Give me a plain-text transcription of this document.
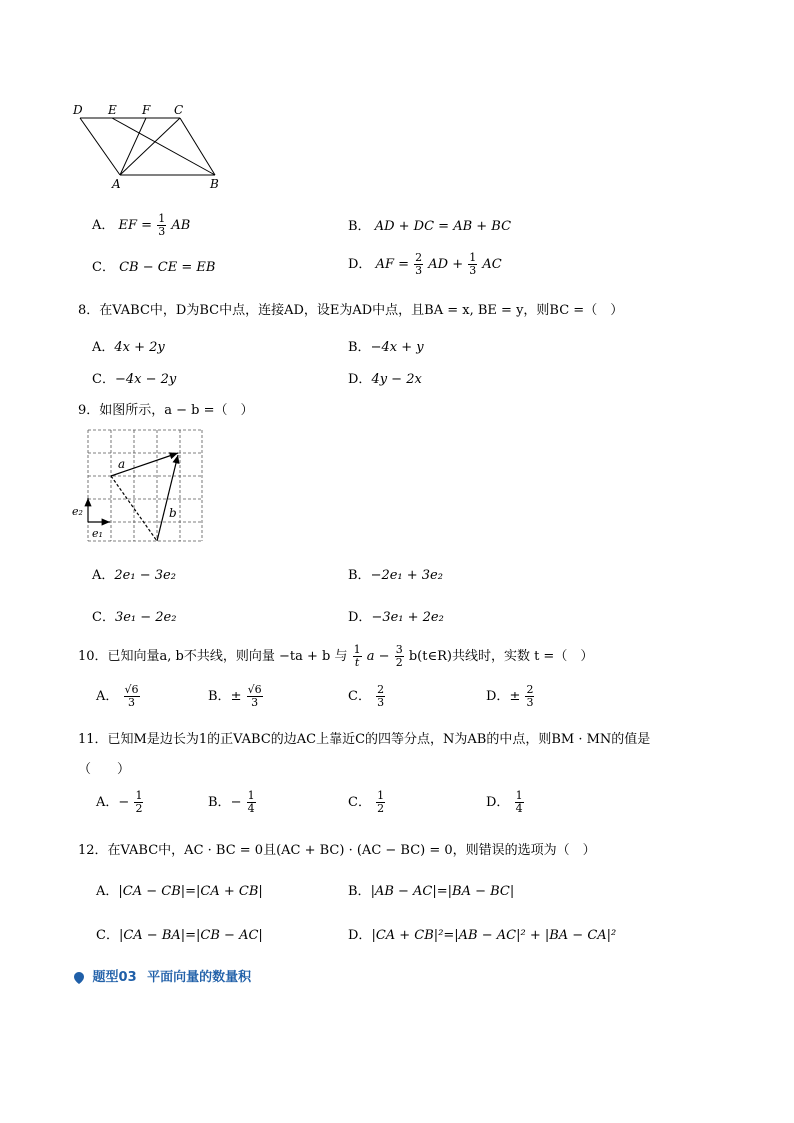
D E F C
A	B
A． EF = $\frac{1}{3}$ AB	B． AD + DC = AB + BC
C． CB − CE = EB	D． AF = $\frac{2}{3}$ AD + $\frac{1}{3}$ AC
8．在VABC中，D为BC中点，连接AD，设E为AD中点，且BA = x, BE = y，则BC =（　）
A．4x + 2y	B．−4x + y
C．−4x − 2y	D．4y − 2x
9．如图所示，a − b =（　）
a
b
e₂
e₁
A．2e₁ − 3e₂	B．−2e₁ + 3e₂
C．3e₁ − 2e₂	D．−3e₁ + 2e₂
10．已知向量a, b不共线，则向量 −ta + b 与 $\frac{1}{t}$ $a - \frac{3}{2}$ b(t∈R)共线时，实数 t =（　）
A． $\frac{√6}{3}$	B．± $\frac{√6}{3}$	C． $\frac{2}{3}$	D．± $\frac{2}{3}$
11．已知M是边长为1的正VABC的边AC上靠近C的四等分点，N为AB的中点，则BM · MN的值是
（　　）
A．− $\frac{1}{2}$	B．− $\frac{1}{4}$	C． $\frac{1}{2}$	D． $\frac{1}{4}$
12．在VABC中，AC · BC = 0且(AC + BC) · (AC − BC) = 0，则错误的选项为（　）
A．|CA − CB|=|CA + CB|	B．|AB − AC|=|BA − BC|
C．|CA − BA|=|CB − AC|	D．|CA + CB|²=|AB − AC|² + |BA − CA|²
题型03 平面向量的数量积
